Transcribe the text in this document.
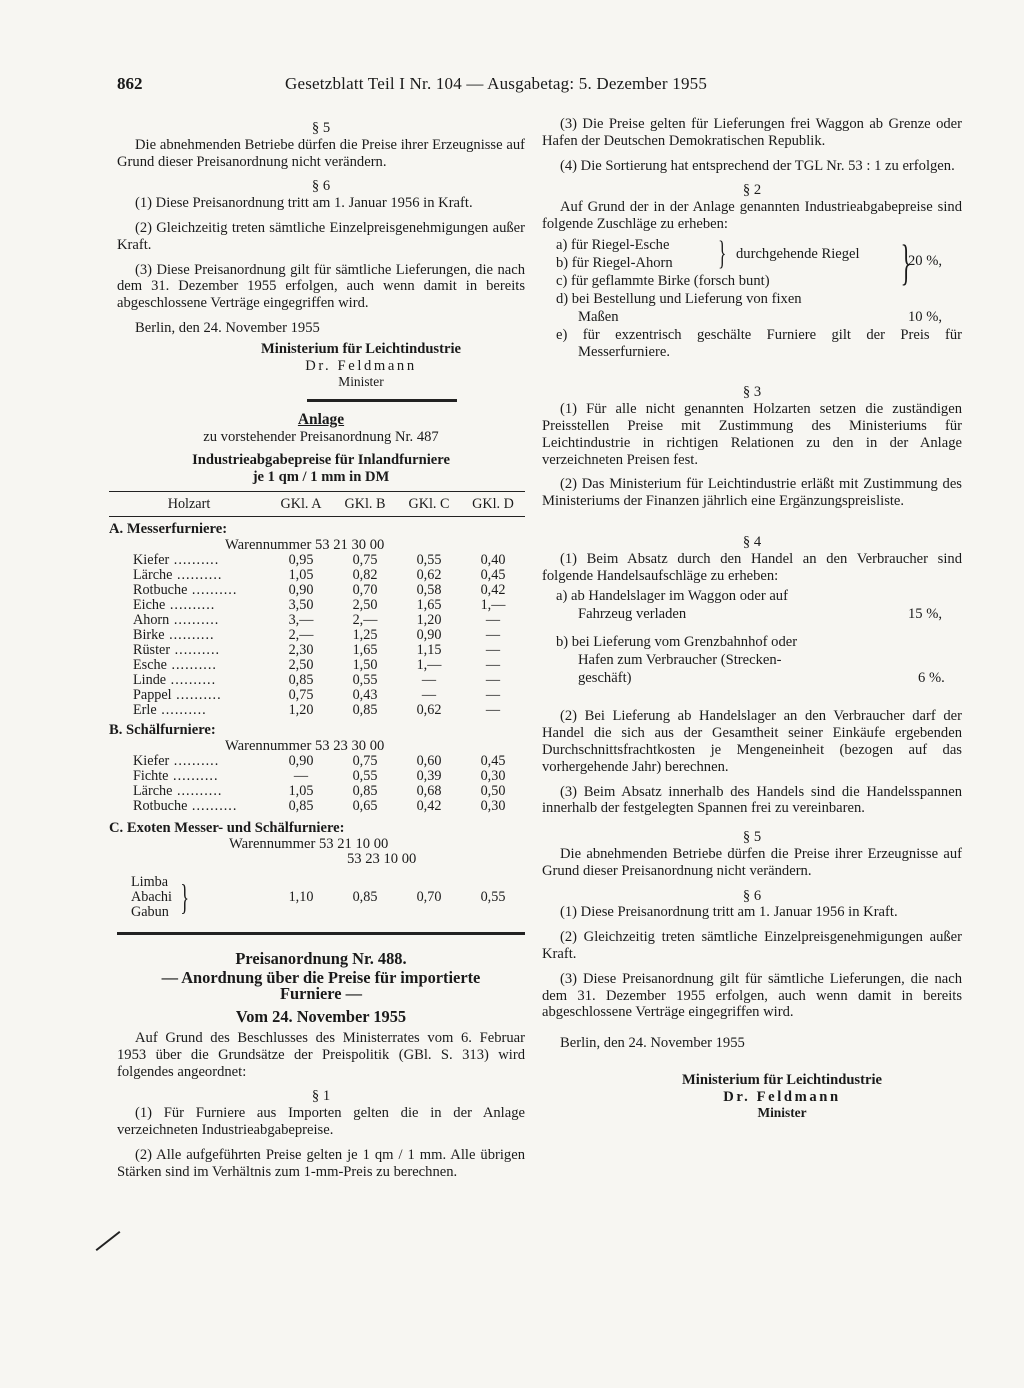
862	Gesetzblatt Teil I Nr. 104 — Ausgabetag: 5. Dezember 1955

§ 5

Die abnehmenden Betriebe dürfen die Preise ihrer Erzeugnisse auf Grund dieser Preisanordnung nicht verändern.

§ 6

(1) Diese Preisanordnung tritt am 1. Januar 1956 in Kraft.

(2) Gleichzeitig treten sämtliche Einzelpreisgenehmigungen außer Kraft.

(3) Diese Preisanordnung gilt für sämtliche Lieferungen, die nach dem 31. Dezember 1955 erfolgen, auch wenn damit in bereits abgeschlossene Verträge eingegriffen wird.

Berlin, den 24. November 1955

Ministerium für Leichtindustrie

Dr. Feldmann

Minister

Anlage

zu vorstehender Preisanordnung Nr. 487

Industrieabgabepreise für Inlandfurniere

je 1 qm / 1 mm in DM

Holzart	GKl. A	GKl. B	GKl. C	GKl. D
A. Messerfurniere:
Warennummer 53 21 30 00
Kiefer ..........	0,95	0,75	0,55	0,40
Lärche ..........	1,05	0,82	0,62	0,45
Rotbuche ..........	0,90	0,70	0,58	0,42
Eiche ..........	3,50	2,50	1,65	1,—
Ahorn ..........	3,—	2,—	1,20	—
Birke ..........	2,—	1,25	0,90	—
Rüster ..........	2,30	1,65	1,15	—
Esche ..........	2,50	1,50	1,—	—
Linde ..........	0,85	0,55	—	—
Pappel ..........	0,75	0,43	—	—
Erle ..........	1,20	0,85	0,62	—
B. Schälfurniere:
Warennummer 53 23 30 00
Kiefer ..........	0,90	0,75	0,60	0,45
Fichte ..........	—	0,55	0,39	0,30
Lärche ..........	1,05	0,85	0,68	0,50
Rotbuche ..........	0,85	0,65	0,42	0,30
C. Exoten Messer- und Schälfurniere:
Warennummer 53 21 10 00
53 23 10 00
Limba
Abachi
Gabun }	1,10	0,85	0,70	0,55

Preisanordnung Nr. 488.

— Anordnung über die Preise für importierte

Furniere —

Vom 24. November 1955

Auf Grund des Beschlusses des Ministerrates vom 6. Februar 1953 über die Grundsätze der Preispolitik (GBl. S. 313) wird folgendes angeordnet:

§ 1

(1) Für Furniere aus Importen gelten die in der Anlage verzeichneten Industrieabgabepreise.

(2) Alle aufgeführten Preise gelten je 1 qm / 1 mm. Alle übrigen Stärken sind im Verhältnis zum 1-mm-Preis zu berechnen.

(3) Die Preise gelten für Lieferungen frei Waggon ab Grenze oder Hafen der Deutschen Demokratischen Republik.

(4) Die Sortierung hat entsprechend der TGL Nr. 53 : 1 zu erfolgen.

§ 2

Auf Grund der in der Anlage genannten Industrieabgabepreise sind folgende Zuschläge zu erheben:

a) für Riegel-Esche
b) für Riegel-Ahorn } durchgehende Riegel
c) für geflammte Birke (forsch bunt)	}
20 %,
d) bei Bestellung und Lieferung von fixen
Maßen	10 %,

e) für exzentrisch geschälte Furniere gilt der Preis für Messerfurniere.

§ 3

(1) Für alle nicht genannten Holzarten setzen die zuständigen Preisstellen Preise mit Zustimmung des Ministeriums für Leichtindustrie in richtigen Relationen zu den in der Anlage verzeichneten Preisen fest.

(2) Das Ministerium für Leichtindustrie erläßt mit Zustimmung des Ministeriums der Finanzen jährlich eine Ergänzungspreisliste.

§ 4

(1) Beim Absatz durch den Handel an den Verbraucher sind folgende Handelsaufschläge zu erheben:

a) ab Handelslager im Waggon oder auf
Fahrzeug verladen	15 %,
b) bei Lieferung vom Grenzbahnhof oder
Hafen zum Verbraucher (Strecken-
geschäft)	6 %.

(2) Bei Lieferung ab Handelslager an den Verbraucher darf der Handel die sich aus der Gesamtheit seiner Einkäufe ergebenden Durchschnittsfrachtkosten je Mengeneinheit (bezogen auf das vorhergehende Jahr) berechnen.

(3) Beim Absatz innerhalb des Handels sind die Handelsspannen innerhalb der festgelegten Spannen frei zu vereinbaren.

§ 5

Die abnehmenden Betriebe dürfen die Preise ihrer Erzeugnisse auf Grund dieser Preisanordnung nicht verändern.

§ 6

(1) Diese Preisanordnung tritt am 1. Januar 1956 in Kraft.

(2) Gleichzeitig treten sämtliche Einzelpreisgenehmigungen außer Kraft.

(3) Diese Preisanordnung gilt für sämtliche Lieferungen, die nach dem 31. Dezember 1955 erfolgen, auch wenn damit in bereits abgeschlossene Verträge eingegriffen wird.

Berlin, den 24. November 1955

Ministerium für Leichtindustrie

Dr. Feldmann

Minister
